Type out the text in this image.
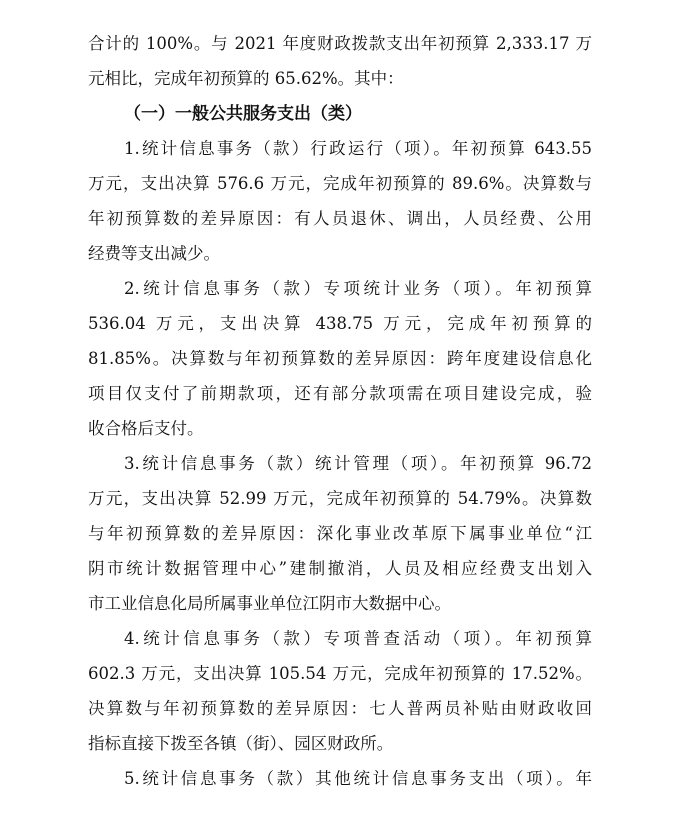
合计的 100%。与 2021 年度财政拨款支出年初预算 2,333.17 万
元相比，完成年初预算的 65.62%。其中：
（一）一般公共服务支出（类）
1.统计信息事务（款）行政运行（项）。年初预算 643.55
万元，支出决算 576.6 万元，完成年初预算的 89.6%。决算数与
年初预算数的差异原因：有人员退休、调出，人员经费、公用
经费等支出减少。
2.统计信息事务（款）专项统计业务（项）。年初预算
536.04 万元，支出决算 438.75 万元，完成年初预算的
81.85%。决算数与年初预算数的差异原因：跨年度建设信息化
项目仅支付了前期款项，还有部分款项需在项目建设完成，验
收合格后支付。
3.统计信息事务（款）统计管理（项）。年初预算 96.72
万元，支出决算 52.99 万元，完成年初预算的 54.79%。决算数
与年初预算数的差异原因：深化事业改革原下属事业单位“江
阴市统计数据管理中心”建制撤消，人员及相应经费支出划入
市工业信息化局所属事业单位江阴市大数据中心。
4.统计信息事务（款）专项普查活动（项）。年初预算
602.3 万元，支出决算 105.54 万元，完成年初预算的 17.52%。
决算数与年初预算数的差异原因：七人普两员补贴由财政收回
指标直接下拨至各镇（街）、园区财政所。
5.统计信息事务（款）其他统计信息事务支出（项）。年
